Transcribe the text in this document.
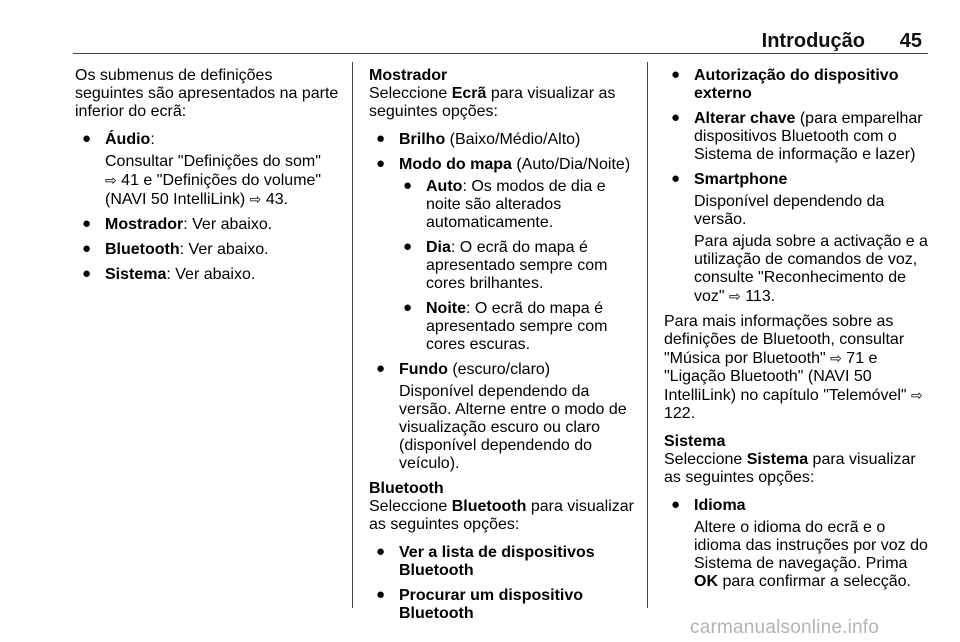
Introdução 45

Os submenus de definições seguintes são apresentados na parte inferior do ecrã:

● Áudio:
Consultar "Definições do som"
⇨ 41 e "Definições do volume"
(NAVI 50 IntelliLink) ⇨ 43.
● Mostrador: Ver abaixo.
● Bluetooth: Ver abaixo.
● Sistema: Ver abaixo.

Mostrador
Seleccione Ecrã para visualizar as seguintes opções:

● Brilho (Baixo/Médio/Alto)
● Modo do mapa (Auto/Dia/Noite)
● Auto: Os modos de dia e noite são alterados automaticamente.
● Dia: O ecrã do mapa é apresentado sempre com cores brilhantes.
● Noite: O ecrã do mapa é apresentado sempre com cores escuras.
● Fundo (escuro/claro)
Disponível dependendo da versão. Alterne entre o modo de visualização escuro ou claro (disponível dependendo do veículo).

Bluetooth
Seleccione Bluetooth para visualizar as seguintes opções:

● Ver a lista de dispositivos Bluetooth
● Procurar um dispositivo Bluetooth
● Autorização do dispositivo externo
● Alterar chave (para emparelhar dispositivos Bluetooth com o Sistema de informação e lazer)
● Smartphone
Disponível dependendo da versão.
Para ajuda sobre a activação e a utilização de comandos de voz, consulte "Reconhecimento de voz" ⇨ 113.

Para mais informações sobre as definições de Bluetooth, consultar "Música por Bluetooth" ⇨ 71 e "Ligação Bluetooth" (NAVI 50 IntelliLink) no capítulo "Telemóvel" ⇨ 122.

Sistema
Seleccione Sistema para visualizar as seguintes opções:

● Idioma
Altere o idioma do ecrã e o idioma das instruções por voz do Sistema de navegação. Prima OK para confirmar a selecção.
carmanualsonline.info
